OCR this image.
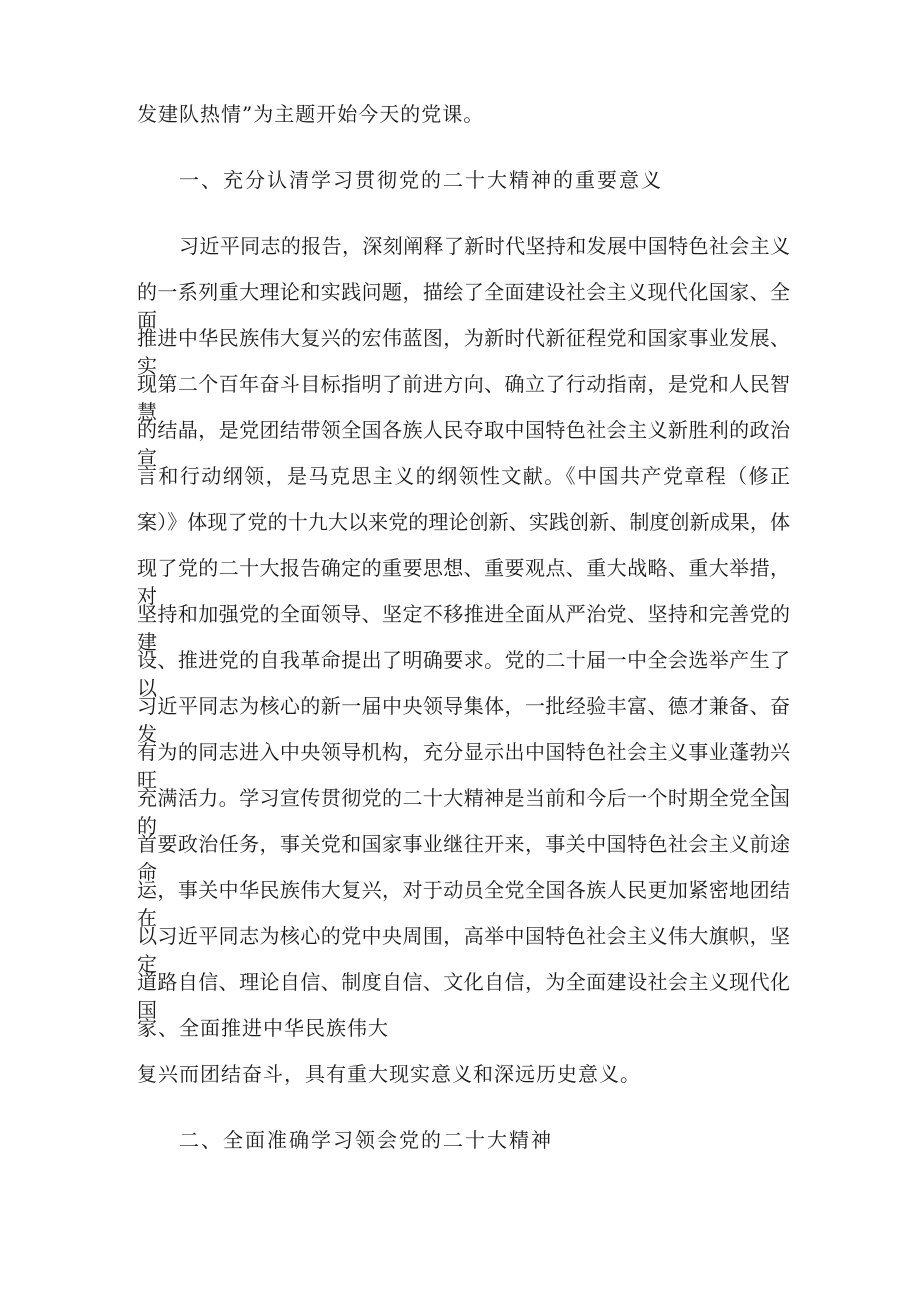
发建队热情”为主题开始今天的党课。
一、充分认清学习贯彻党的二十大精神的重要意义
习近平同志的报告，深刻阐释了新时代坚持和发展中国特色社会主义
的一系列重大理论和实践问题，描绘了全面建设社会主义现代化国家、全面
推进中华民族伟大复兴的宏伟蓝图，为新时代新征程党和国家事业发展、实
现第二个百年奋斗目标指明了前进方向、确立了行动指南，是党和人民智慧
的结晶，是党团结带领全国各族人民夺取中国特色社会主义新胜利的政治宣
言和行动纲领，是马克思主义的纲领性文献。《中国共产党章程（修正
案）》体现了党的十九大以来党的理论创新、实践创新、制度创新成果，体
现了党的二十大报告确定的重要思想、重要观点、重大战略、重大举措，对
坚持和加强党的全面领导、坚定不移推进全面从严治党、坚持和完善党的建
设、推进党的自我革命提出了明确要求。党的二十届一中全会选举产生了以
习近平同志为核心的新一届中央领导集体，一批经验丰富、德才兼备、奋发
有为的同志进入中央领导机构，充分显示出中国特色社会主义事业蓬勃兴旺、
充满活力。学习宣传贯彻党的二十大精神是当前和今后一个时期全党全国的
首要政治任务，事关党和国家事业继往开来，事关中国特色社会主义前途命
运，事关中华民族伟大复兴，对于动员全党全国各族人民更加紧密地团结在
以习近平同志为核心的党中央周围，高举中国特色社会主义伟大旗帜，坚定
道路自信、理论自信、制度自信、文化自信，为全面建设社会主义现代化国
家、全面推进中华民族伟大
复兴而团结奋斗，具有重大现实意义和深远历史意义。
二、全面准确学习领会党的二十大精神
